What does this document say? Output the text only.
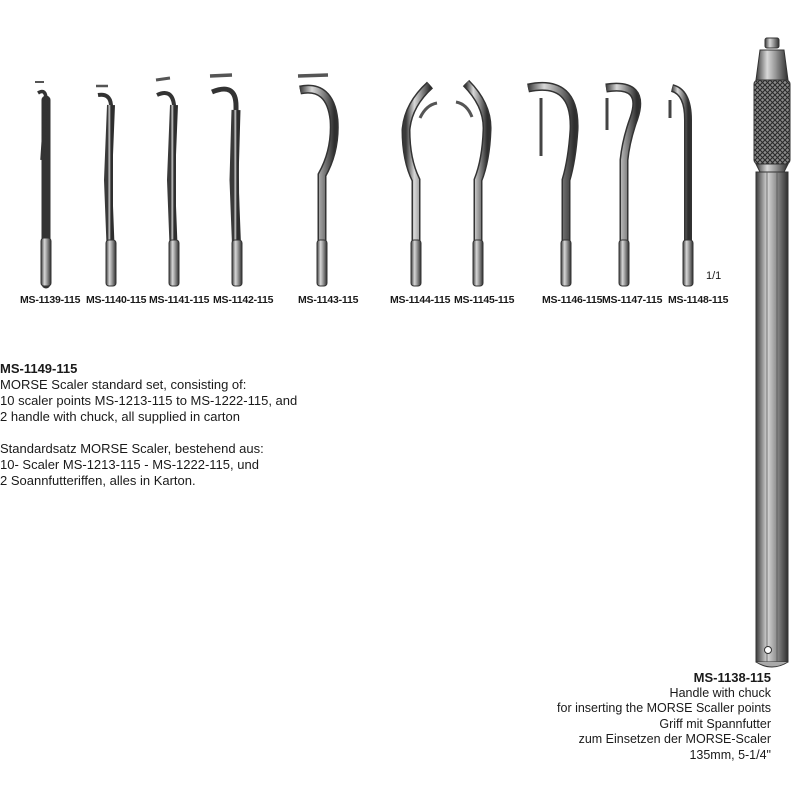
MS-1139-115 MS-1140-115 MS-1141-115 MS-1142-115 MS-1143-115	MS-1144-115 MS-1145-115	MS-1146-115 MS-1147-115 MS-1148-115
1/1
MS-1149-115
MORSE Scaler standard set, consisting of:
10 scaler points MS-1213-115 to MS-1222-115, and
2 handle with chuck, all supplied in carton
Standardsatz MORSE Scaler, bestehend aus:
10- Scaler MS-1213-115 - MS-1222-115, und
2 Soannfutteriffen, alles in Karton.
MS-1138-115
Handle with chuck
for inserting the MORSE Scaller points
Griff mit Spannfutter
zum Einsetzen der MORSE-Scaler
135mm, 5-1/4"
